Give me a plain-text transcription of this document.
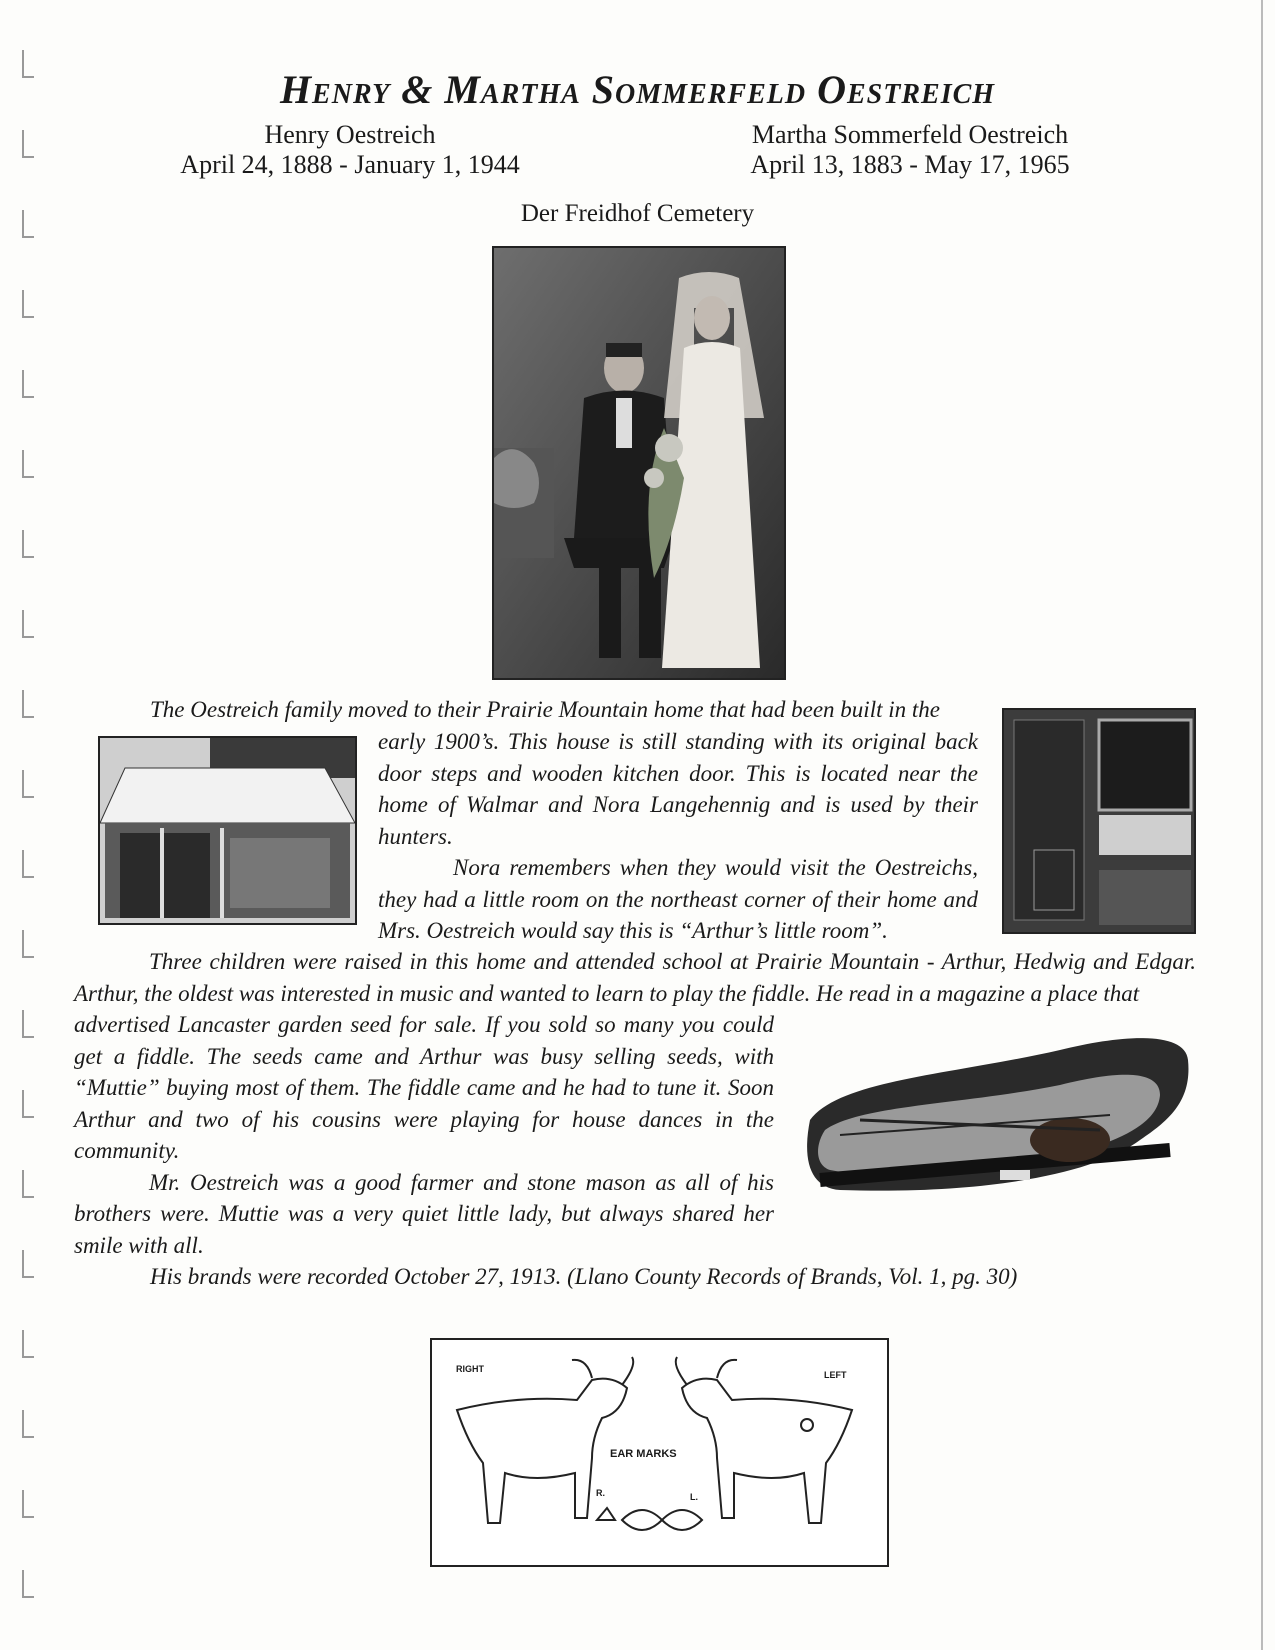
Henry & Martha Sommerfeld Oestreich
Henry Oestreich
April 24, 1888 - January 1, 1944
Martha Sommerfeld Oestreich
April 13, 1883 - May 17, 1965
Der Freidhof Cemetery
The Oestreich family moved to their Prairie Mountain home that had been built in the
early 1900’s. This house is still standing with its original back door steps and wooden kitchen door. This is located near the home of Walmar and Nora Langehennig and is used by their hunters.

Nora remembers when they would visit the Oestreichs, they had a little room on the northeast corner of their home and Mrs. Oestreich would say this is “Arthur’s little room”.

Three children were raised in this home and attended school at Prairie Mountain - Arthur, Hedwig and Edgar. Arthur, the oldest was interested in music and wanted to learn to play the fiddle. He read in a magazine a place that

advertised Lancaster garden seed for sale. If you sold so many you could get a fiddle. The seeds came and Arthur was busy selling seeds, with “Muttie” buying most of them. The fiddle came and he had to tune it. Soon Arthur and two of his cousins were playing for house dances in the community.

Mr. Oestreich was a good farmer and stone mason as all of his brothers were. Muttie was a very quiet little lady, but always shared her smile with all.

His brands were recorded October 27, 1913. (Llano County Records of Brands, Vol. 1, pg. 30)
RIGHT
LEFT
EAR MARKS
R.	L.
